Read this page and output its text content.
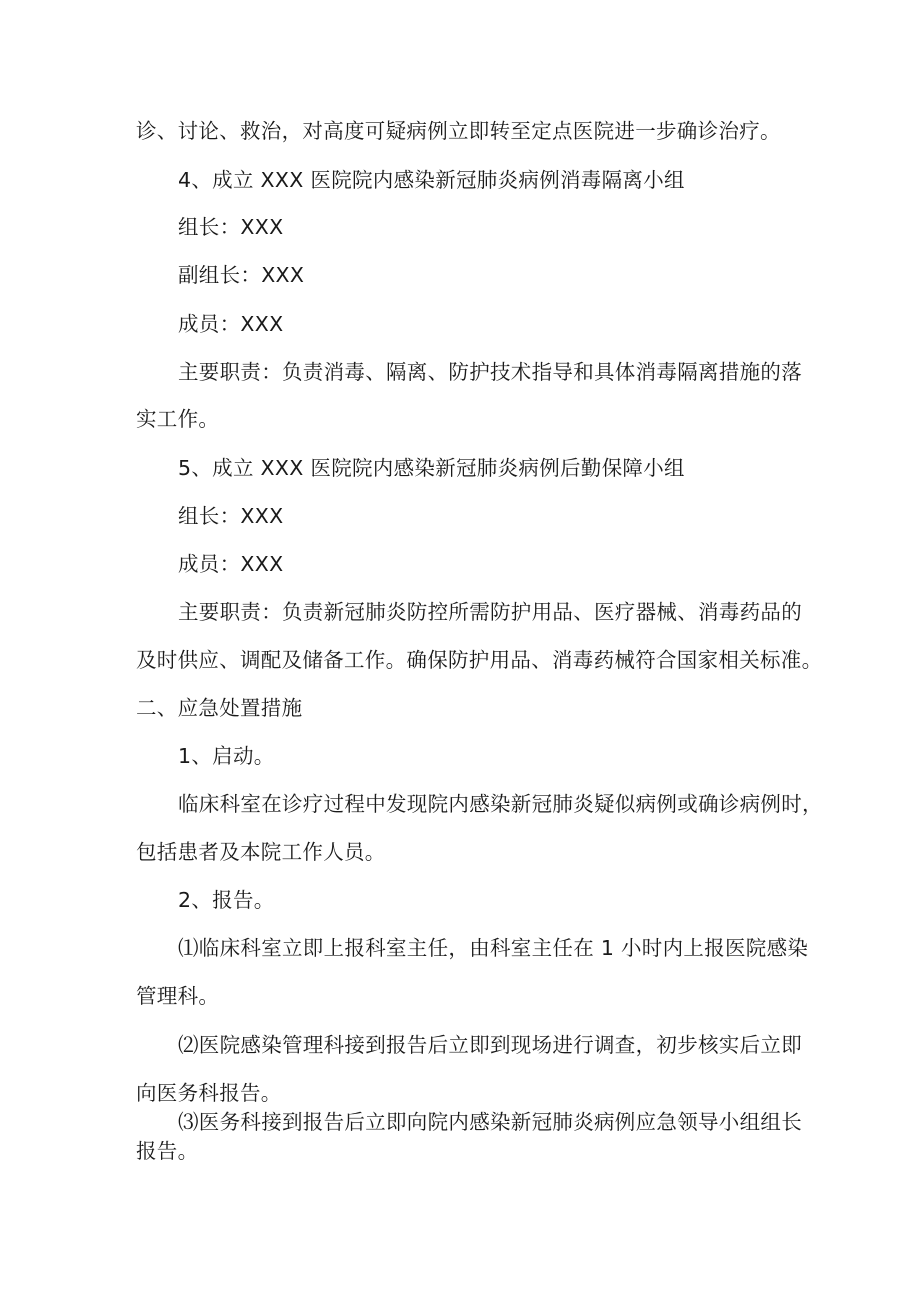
诊、讨论、救治，对高度可疑病例立即转至定点医院进一步确诊治疗。
4、成立 XXX 医院院内感染新冠肺炎病例消毒隔离小组
组长：XXX
副组长：XXX
成员：XXX
主要职责：负责消毒、隔离、防护技术指导和具体消毒隔离措施的落
实工作。
5、成立 XXX 医院院内感染新冠肺炎病例后勤保障小组
组长：XXX
成员：XXX
主要职责：负责新冠肺炎防控所需防护用品、医疗器械、消毒药品的
及时供应、调配及储备工作。确保防护用品、消毒药械符合国家相关标准。
二、应急处置措施
1、启动。
临床科室在诊疗过程中发现院内感染新冠肺炎疑似病例或确诊病例时，
包括患者及本院工作人员。
2、报告。
⑴临床科室立即上报科室主任，由科室主任在 1 小时内上报医院感染
管理科。
⑵医院感染管理科接到报告后立即到现场进行调查，初步核实后立即
向医务科报告。
⑶医务科接到报告后立即向院内感染新冠肺炎病例应急领导小组组长
报告。
